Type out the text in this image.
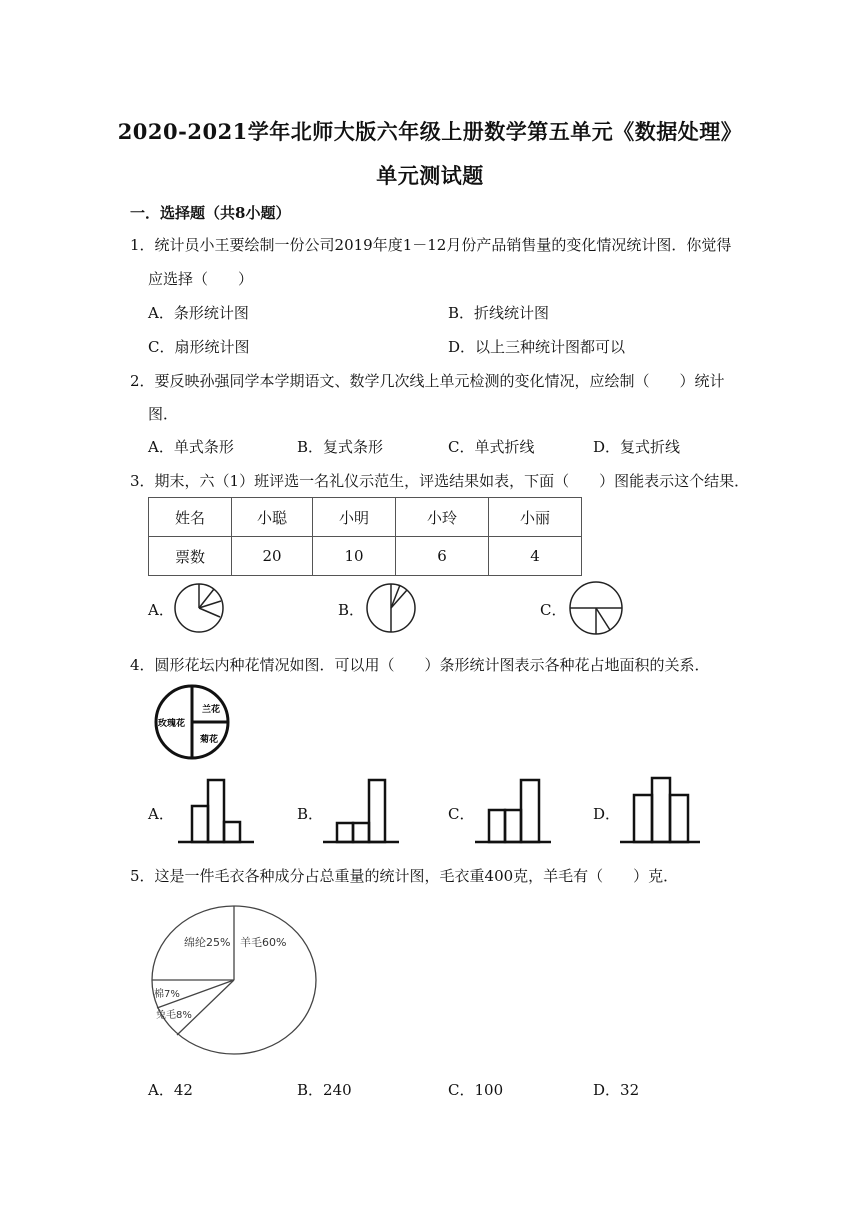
2020-2021学年北师大版六年级上册数学第五单元《数据处理》
单元测试题
一．选择题（共8小题）
1．统计员小王要绘制一份公司2019年度1－12月份产品销售量的变化情况统计图．你觉得
应选择（　　）
A．条形统计图	B．折线统计图
C．扇形统计图	D．以上三种统计图都可以
2．要反映孙强同学本学期语文、数学几次线上单元检测的变化情况，应绘制（　　）统计
图．
A．单式条形	B．复式条形	C．单式折线	D．复式折线
3．期末，六（1）班评选一名礼仪示范生，评选结果如表，下面（　　）图能表示这个结果．
姓名	小聪	小明	小玲	小丽
票数	20	10	6	4
A．	B．	C．
4．圆形花坛内种花情况如图．可以用（　　）条形统计图表示各种花占地面积的关系．
兰花
玫瑰花
菊花
A．	B．	C．	D．
5．这是一件毛衣各种成分占总重量的统计图，毛衣重400克，羊毛有（　　）克．
羊毛60%
绵纶25%
棉7%
兔毛8%
A．42	B．240	C．100	D．32
